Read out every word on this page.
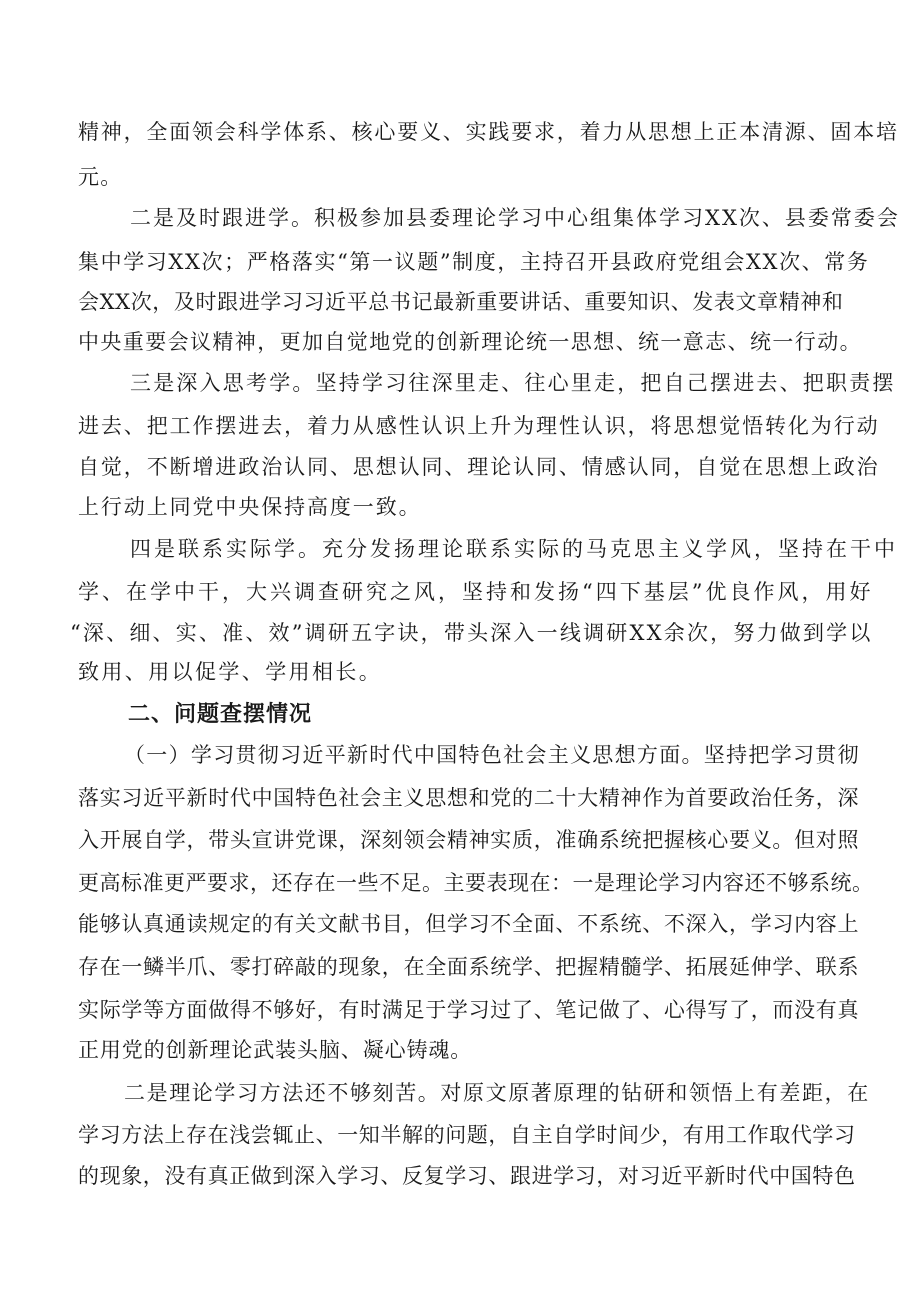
精神，全面领会科学体系、核心要义、实践要求，着力从思想上正本清源、固本培
元。
二是及时跟进学。积极参加县委理论学习中心组集体学习XX次、县委常委会
集中学习XX次；严格落实“第一议题”制度，主持召开县政府党组会XX次、常务
会XX次，及时跟进学习习近平总书记最新重要讲话、重要知识、发表文章精神和
中央重要会议精神，更加自觉地党的创新理论统一思想、统一意志、统一行动。
三是深入思考学。坚持学习往深里走、往心里走，把自己摆进去、把职责摆
进去、把工作摆进去，着力从感性认识上升为理性认识，将思想觉悟转化为行动
自觉，不断增进政治认同、思想认同、理论认同、情感认同，自觉在思想上政治
上行动上同党中央保持高度一致。
四是联系实际学。充分发扬理论联系实际的马克思主义学风，坚持在干中
学、在学中干，大兴调查研究之风，坚持和发扬“四下基层”优良作风，用好
“深、细、实、准、效”调研五字诀，带头深入一线调研XX余次，努力做到学以
致用、用以促学、学用相长。
二、问题查摆情况
（一）学习贯彻习近平新时代中国特色社会主义思想方面。坚持把学习贯彻
落实习近平新时代中国特色社会主义思想和党的二十大精神作为首要政治任务，深
入开展自学，带头宣讲党课，深刻领会精神实质，准确系统把握核心要义。但对照
更高标准更严要求，还存在一些不足。主要表现在：一是理论学习内容还不够系统。
能够认真通读规定的有关文献书目，但学习不全面、不系统、不深入，学习内容上
存在一鳞半爪、零打碎敲的现象，在全面系统学、把握精髓学、拓展延伸学、联系
实际学等方面做得不够好，有时满足于学习过了、笔记做了、心得写了，而没有真
正用党的创新理论武装头脑、凝心铸魂。
二是理论学习方法还不够刻苦。对原文原著原理的钻研和领悟上有差距，在
学习方法上存在浅尝辄止、一知半解的问题，自主自学时间少，有用工作取代学习
的现象，没有真正做到深入学习、反复学习、跟进学习，对习近平新时代中国特色
